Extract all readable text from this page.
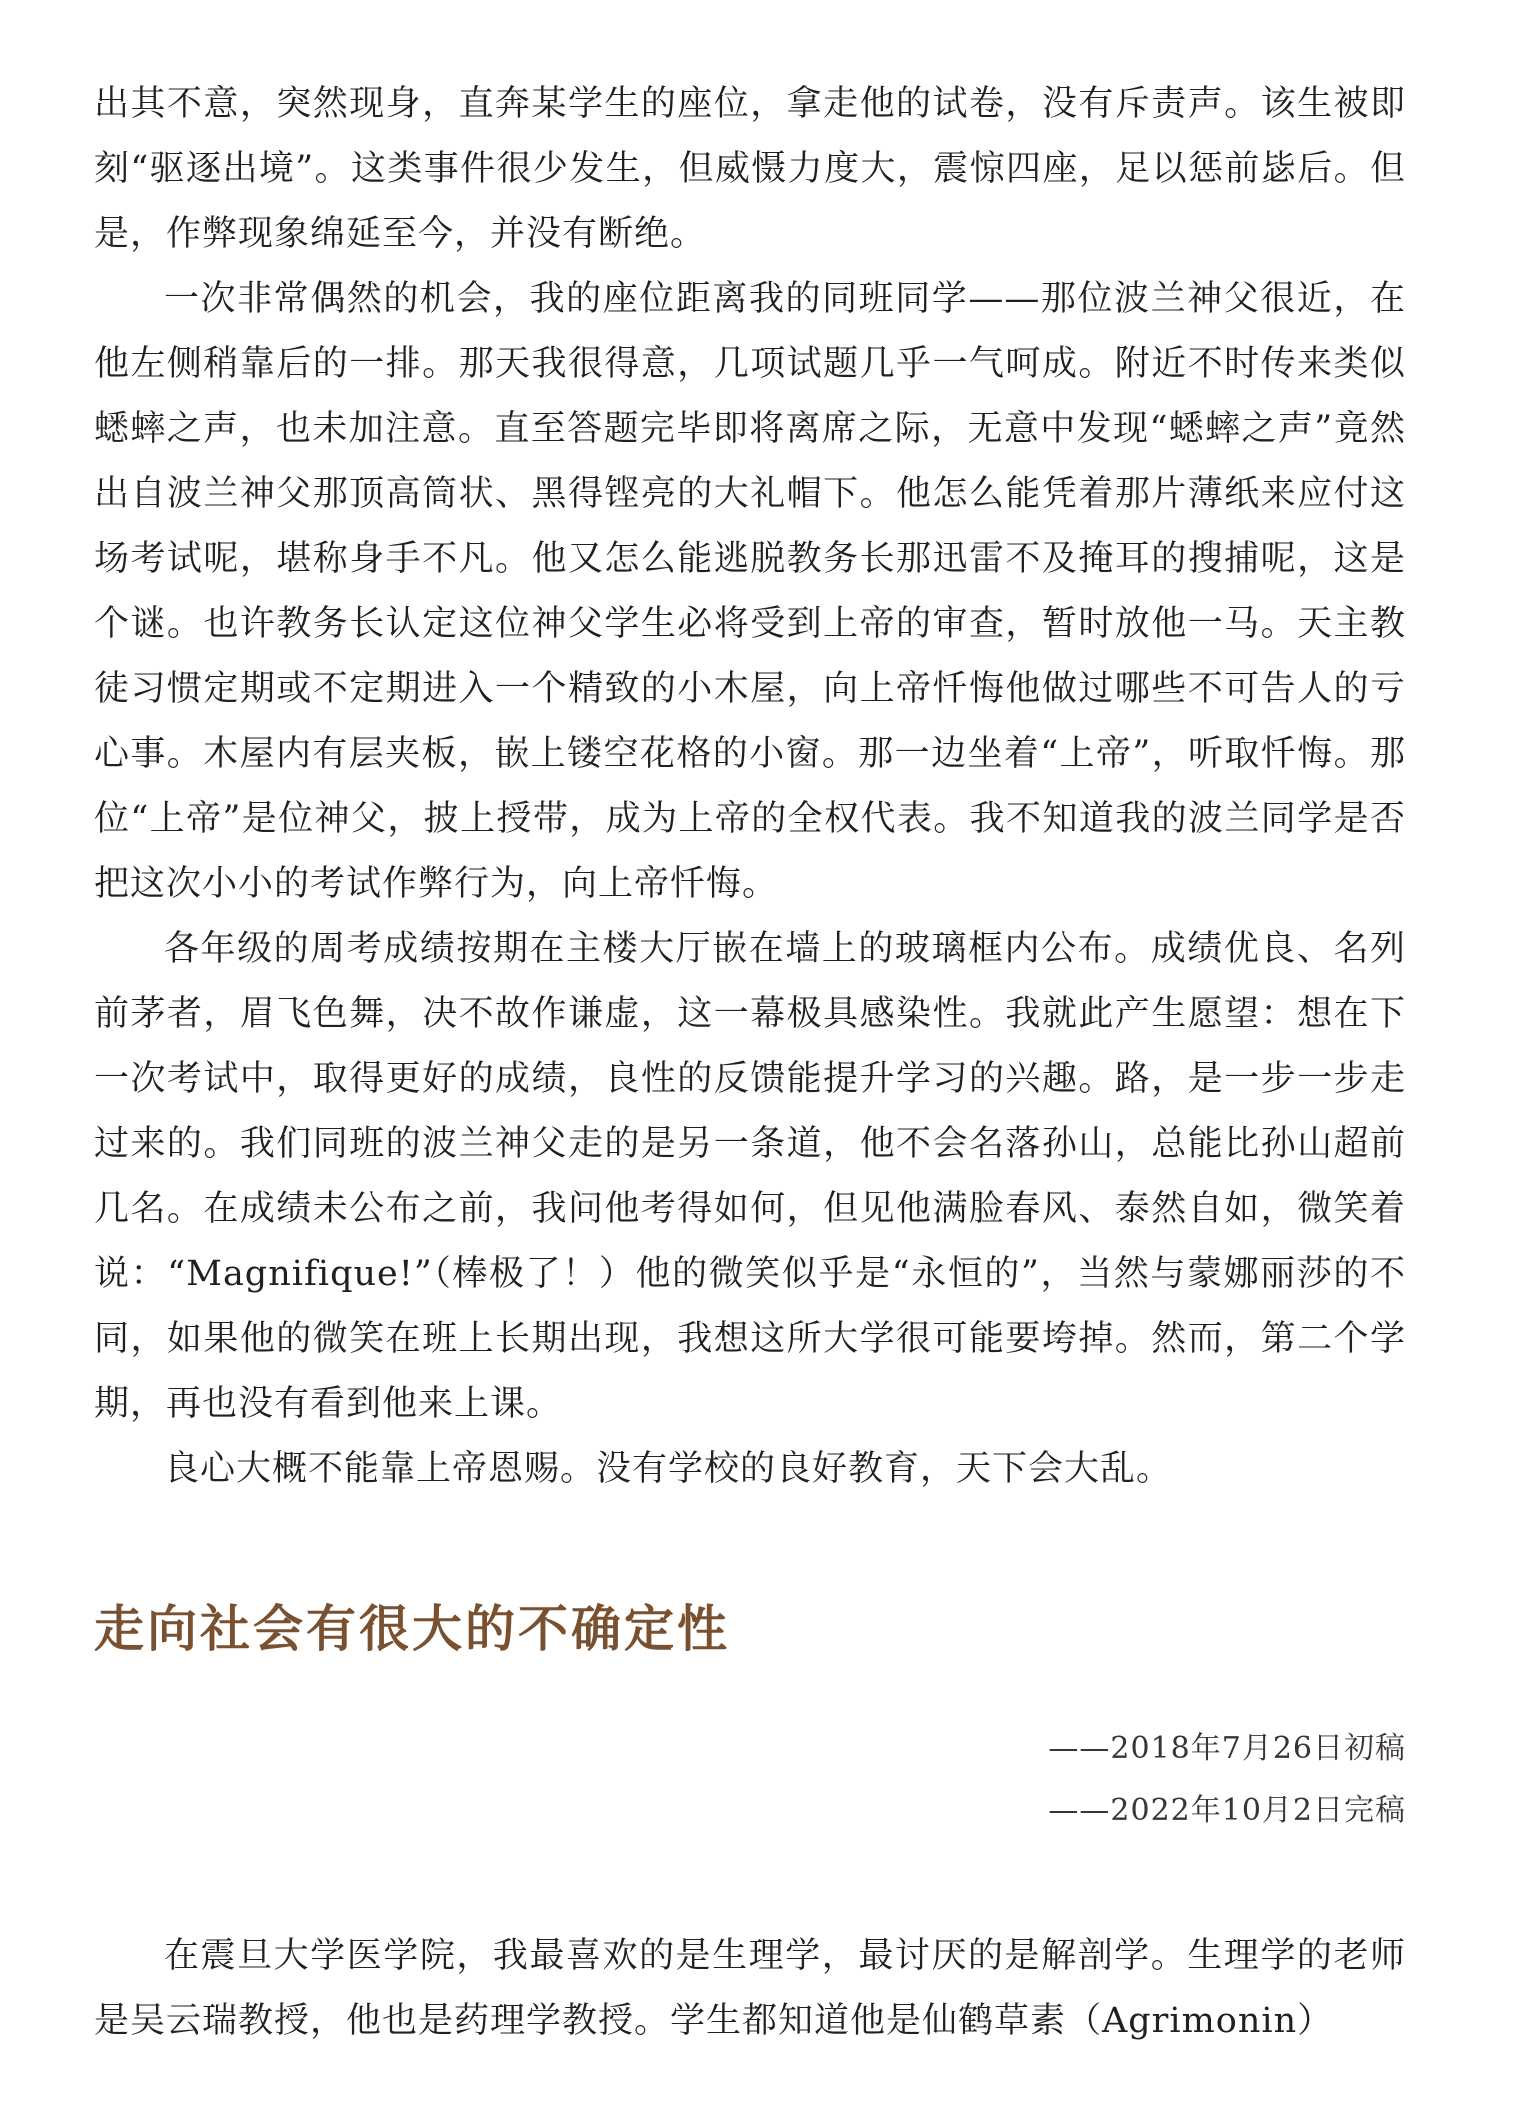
出其不意，突然现身，直奔某学生的座位，拿走他的试卷，没有斥责声。该生被即刻“驱逐出境”。这类事件很少发生，但威慑力度大，震惊四座，足以惩前毖后。但是，作弊现象绵延至今，并没有断绝。

一次非常偶然的机会，我的座位距离我的同班同学——那位波兰神父很近，在他左侧稍靠后的一排。那天我很得意，几项试题几乎一气呵成。附近不时传来类似蟋蟀之声，也未加注意。直至答题完毕即将离席之际，无意中发现“蟋蟀之声”竟然出自波兰神父那顶高筒状、黑得铿亮的大礼帽下。他怎么能凭着那片薄纸来应付这场考试呢，堪称身手不凡。他又怎么能逃脱教务长那迅雷不及掩耳的搜捕呢，这是个谜。也许教务长认定这位神父学生必将受到上帝的审查，暂时放他一马。天主教徒习惯定期或不定期进入一个精致的小木屋，向上帝忏悔他做过哪些不可告人的亏心事。木屋内有层夹板，嵌上镂空花格的小窗。那一边坐着“上帝”，听取忏悔。那位“上帝”是位神父，披上授带，成为上帝的全权代表。我不知道我的波兰同学是否把这次小小的考试作弊行为，向上帝忏悔。

各年级的周考成绩按期在主楼大厅嵌在墙上的玻璃框内公布。成绩优良、名列前茅者，眉飞色舞，决不故作谦虚，这一幕极具感染性。我就此产生愿望：想在下一次考试中，取得更好的成绩，良性的反馈能提升学习的兴趣。路，是一步一步走过来的。我们同班的波兰神父走的是另一条道，他不会名落孙山，总能比孙山超前几名。在成绩未公布之前，我问他考得如何，但见他满脸春风、泰然自如，微笑着说：“Magnifique!”（棒极了！）他的微笑似乎是“永恒的”，当然与蒙娜丽莎的不同，如果他的微笑在班上长期出现，我想这所大学很可能要垮掉。然而，第二个学期，再也没有看到他来上课。

良心大概不能靠上帝恩赐。没有学校的良好教育，天下会大乱。

走向社会有很大的不确定性
——2018年7月26日初稿
——2022年10月2日完稿

在震旦大学医学院，我最喜欢的是生理学，最讨厌的是解剖学。生理学的老师是吴云瑞教授，他也是药理学教授。学生都知道他是仙鹤草素（Agrimonin）
